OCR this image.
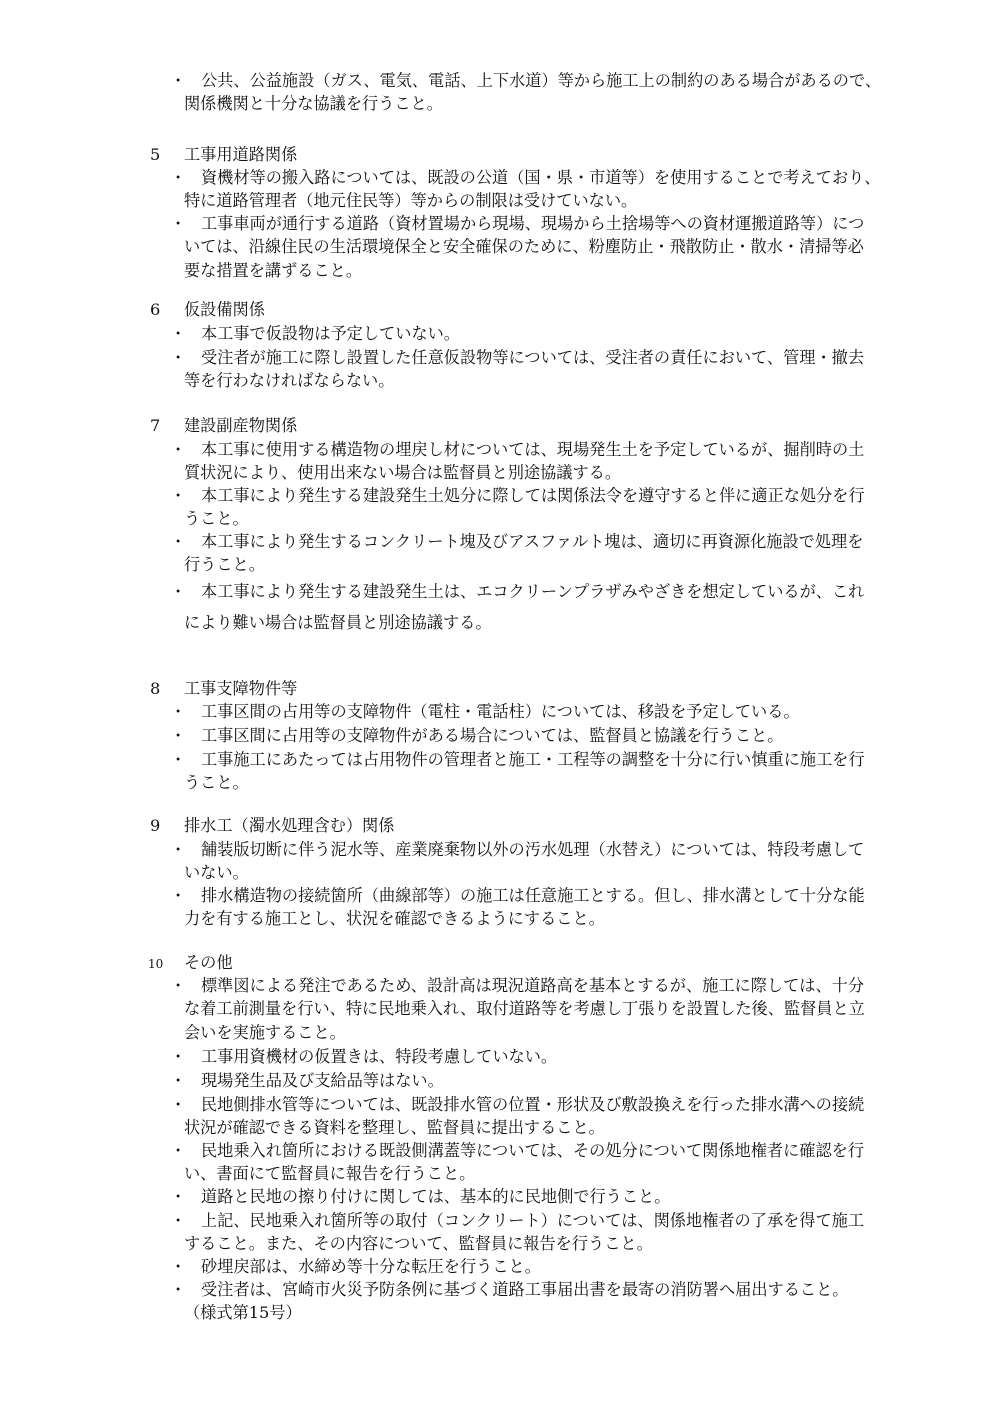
・ 公共、公益施設（ガス、電気、電話、上下水道）等から施工上の制約のある場合があるので、
関係機関と十分な協議を行うこと。
5	工事用道路関係
・ 資機材等の搬入路については、既設の公道（国・県・市道等）を使用することで考えており、
特に道路管理者（地元住民等）等からの制限は受けていない。
・ 工事車両が通行する道路（資材置場から現場、現場から土捨場等への資材運搬道路等）につ
いては、沿線住民の生活環境保全と安全確保のために、粉塵防止・飛散防止・散水・清掃等必
要な措置を講ずること。
6	仮設備関係
・ 本工事で仮設物は予定していない。
・ 受注者が施工に際し設置した任意仮設物等については、受注者の責任において、管理・撤去
等を行わなければならない。
7	建設副産物関係
・ 本工事に使用する構造物の埋戻し材については、現場発生土を予定しているが、掘削時の土
質状況により、使用出来ない場合は監督員と別途協議する。
・ 本工事により発生する建設発生土処分に際しては関係法令を遵守すると伴に適正な処分を行
うこと。
・ 本工事により発生するコンクリート塊及びアスファルト塊は、適切に再資源化施設で処理を
行うこと。
・ 本工事により発生する建設発生土は、エコクリーンプラザみやざきを想定しているが、これ
により難い場合は監督員と別途協議する。
8	工事支障物件等
・ 工事区間の占用等の支障物件（電柱・電話柱）については、移設を予定している。
・ 工事区間に占用等の支障物件がある場合については、監督員と協議を行うこと。
・ 工事施工にあたっては占用物件の管理者と施工・工程等の調整を十分に行い慎重に施工を行
うこと。
9	排水工（濁水処理含む）関係
・ 舗装版切断に伴う泥水等、産業廃棄物以外の汚水処理（水替え）については、特段考慮して
いない。
・ 排水構造物の接続箇所（曲線部等）の施工は任意施工とする。但し、排水溝として十分な能
力を有する施工とし、状況を確認できるようにすること。
10	その他
・ 標準図による発注であるため、設計高は現況道路高を基本とするが、施工に際しては、十分
な着工前測量を行い、特に民地乗入れ、取付道路等を考慮し丁張りを設置した後、監督員と立
会いを実施すること。
・ 工事用資機材の仮置きは、特段考慮していない。
・ 現場発生品及び支給品等はない。
・ 民地側排水管等については、既設排水管の位置・形状及び敷設換えを行った排水溝への接続
状況が確認できる資料を整理し、監督員に提出すること。
・ 民地乗入れ箇所における既設側溝蓋等については、その処分について関係地権者に確認を行
い、書面にて監督員に報告を行うこと。
・ 道路と民地の擦り付けに関しては、基本的に民地側で行うこと。
・ 上記、民地乗入れ箇所等の取付（コンクリート）については、関係地権者の了承を得て施工
すること。また、その内容について、監督員に報告を行うこと。
・ 砂埋戻部は、水締め等十分な転圧を行うこと。
・ 受注者は、宮崎市火災予防条例に基づく道路工事届出書を最寄の消防署へ届出すること。
（様式第15号）
